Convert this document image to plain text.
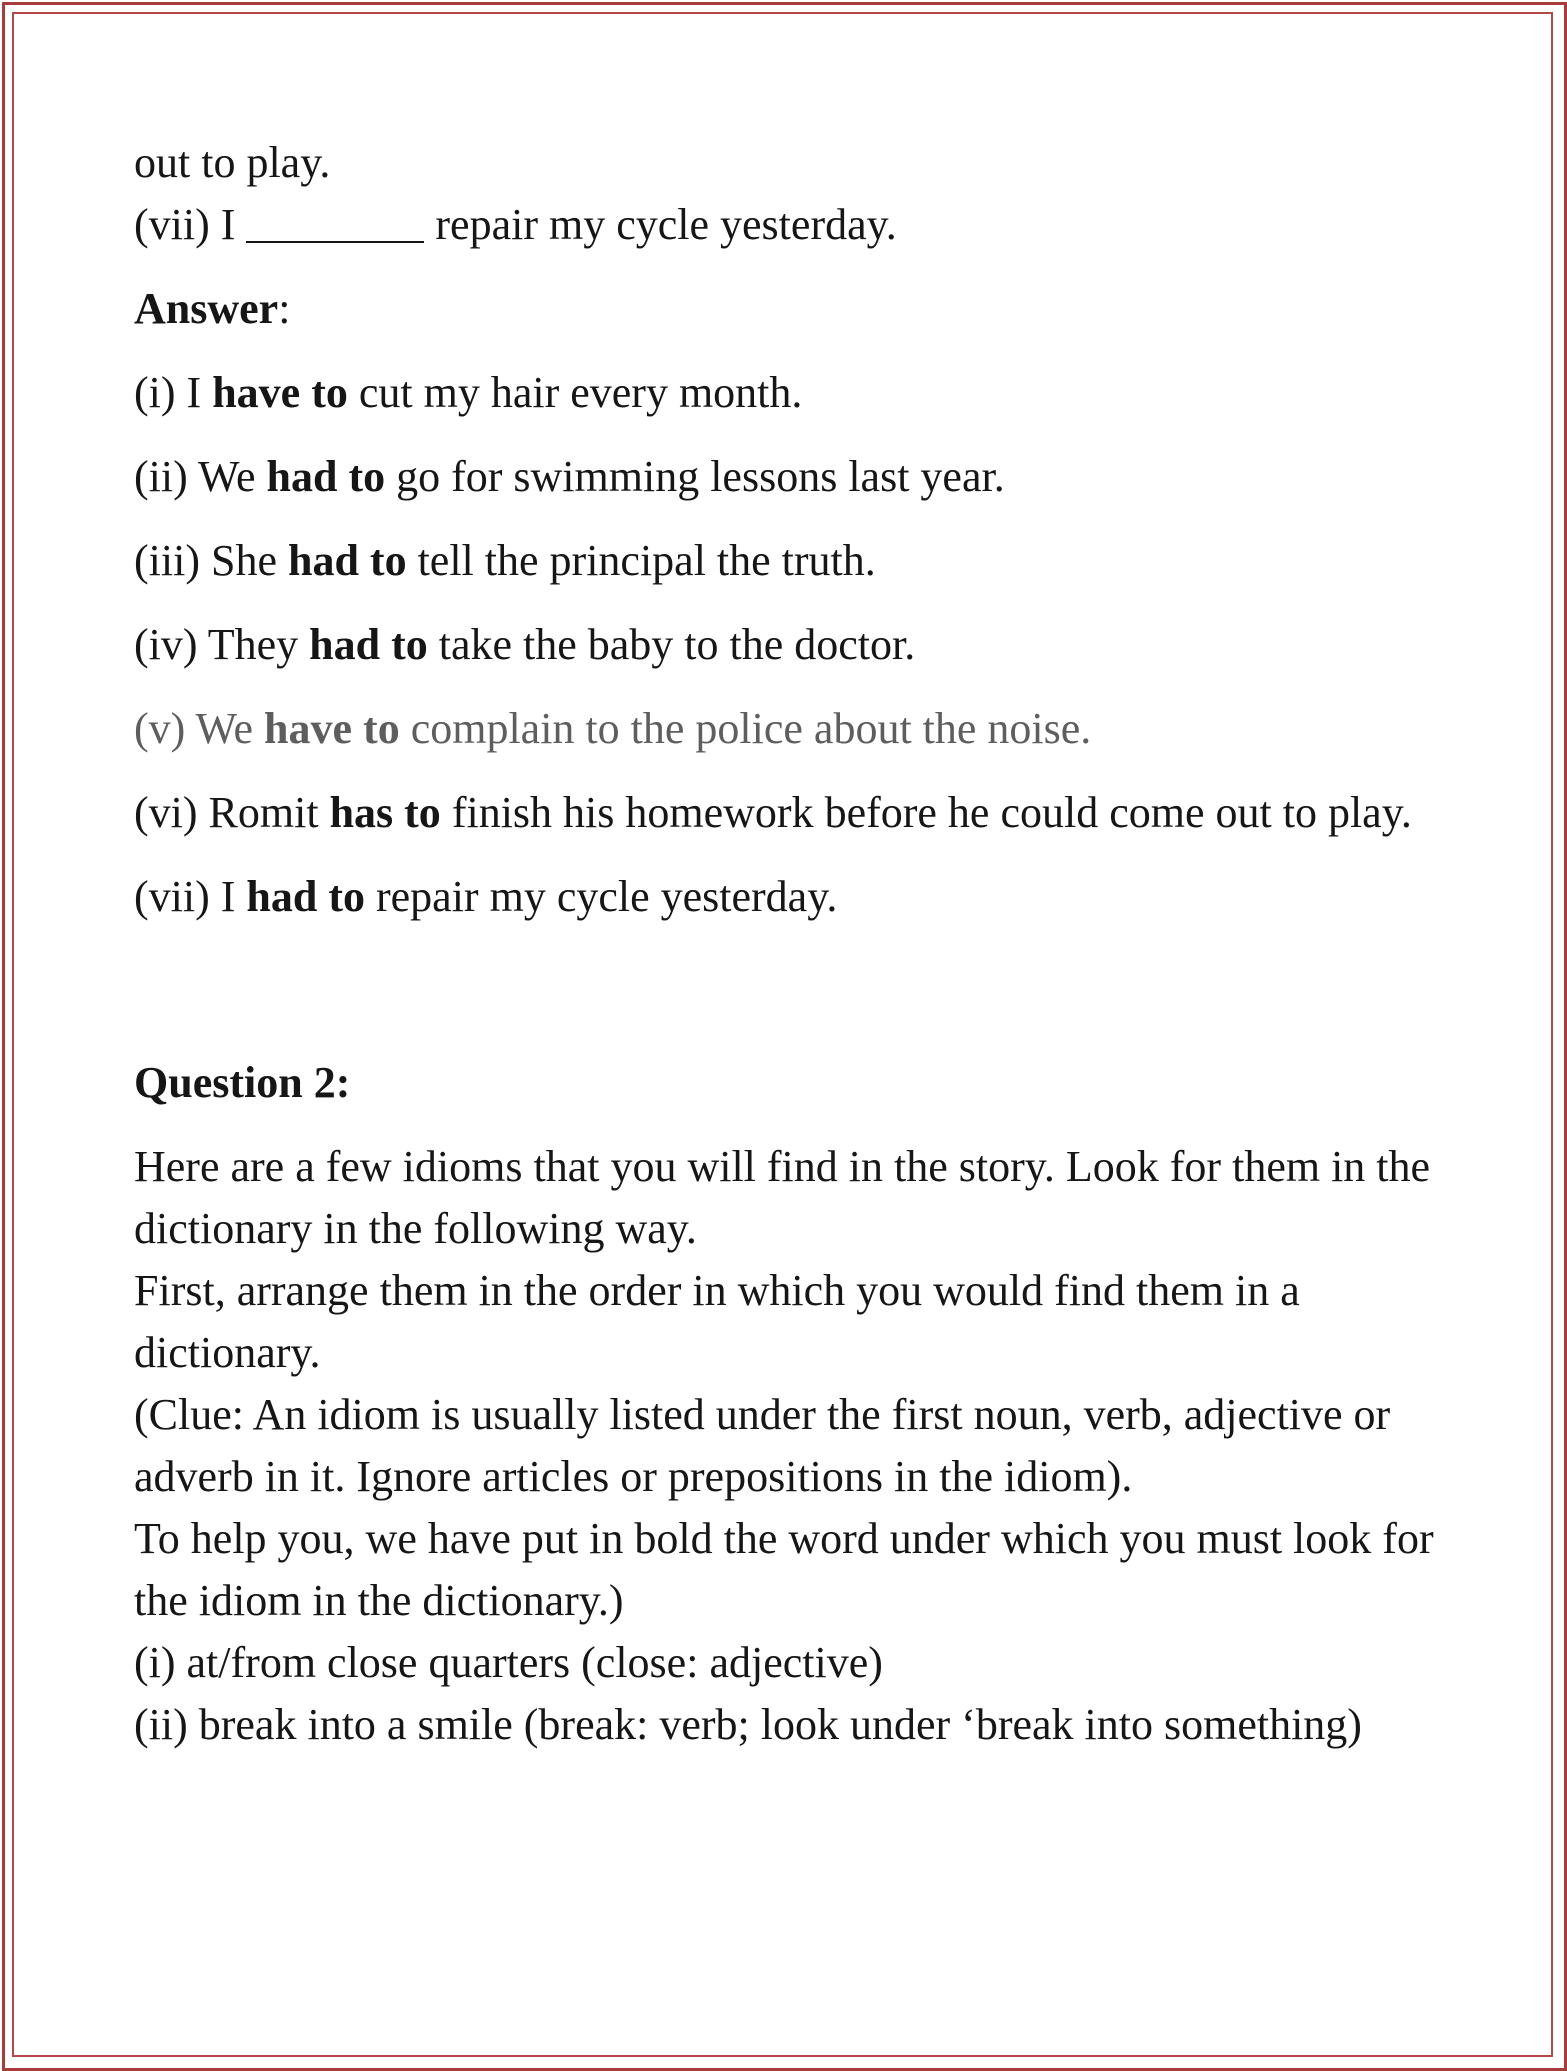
out to play.

(vii) I	repair my cycle yesterday.

Answer:

(i) I have to cut my hair every month.

(ii) We had to go for swimming lessons last year.

(iii) She had to tell the principal the truth.

(iv) They had to take the baby to the doctor.

(v) We have to complain to the police about the noise.

(vi) Romit has to finish his homework before he could come out to play.

(vii) I had to repair my cycle yesterday.

Question 2:

Here are a few idioms that you will find in the story. Look for them in the dictionary in the following way.

First, arrange them in the order in which you would find them in a dictionary.

(Clue: An idiom is usually listed under the first noun, verb, adjective or adverb in it. Ignore articles or prepositions in the idiom).

To help you, we have put in bold the word under which you must look for the idiom in the dictionary.)

(i) at/from close quarters (close: adjective)

(ii) break into a smile (break: verb; look under ‘break into something)
